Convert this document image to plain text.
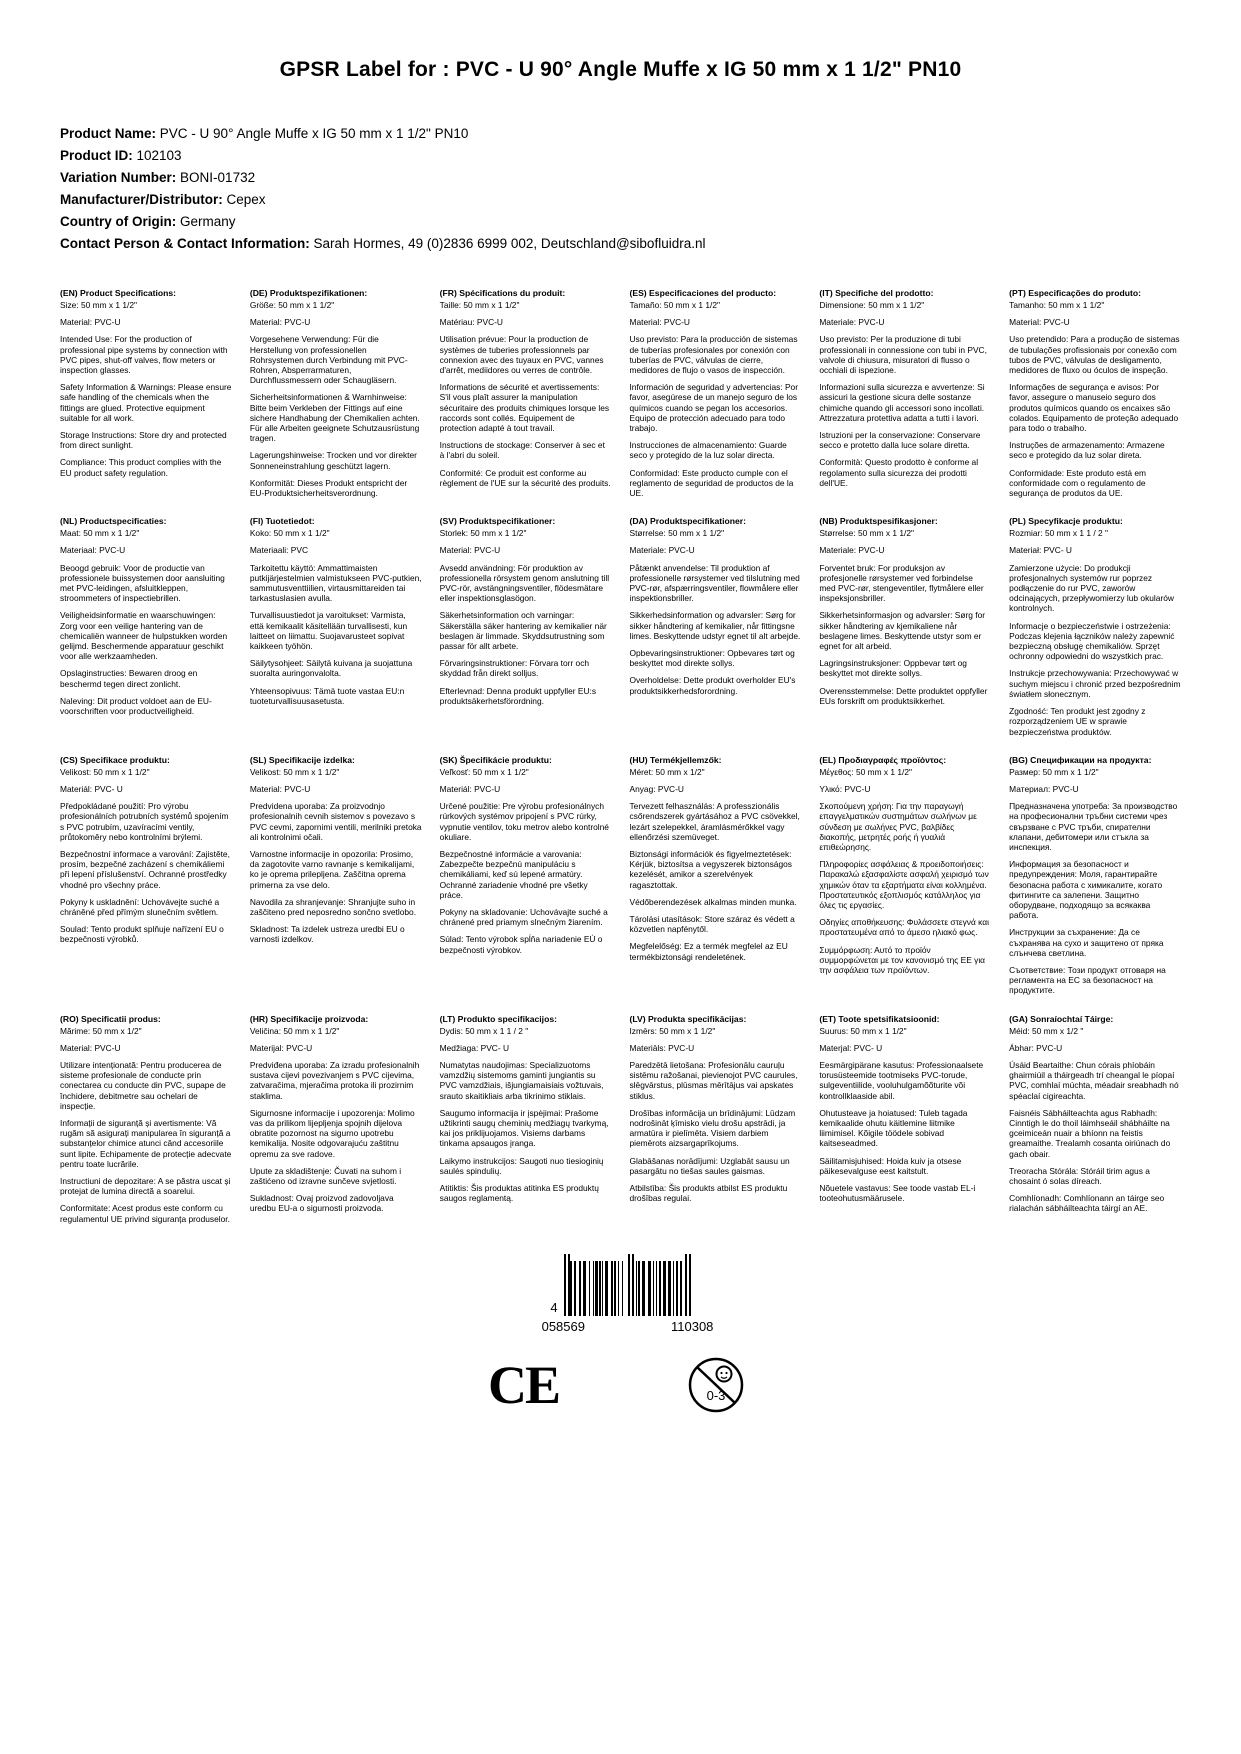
GPSR Label for : PVC - U 90° Angle Muffe x IG 50 mm x 1 1/2" PN10
Product Name: PVC - U 90° Angle Muffe x IG 50 mm x 1 1/2" PN10
Product ID: 102103
Variation Number: BONI-01732
Manufacturer/Distributor: Cepex
Country of Origin: Germany
Contact Person & Contact Information: Sarah Hormes, 49 (0)2836 6999 002, Deutschland@sibofluidra.nl
(EN) Product Specifications:

Size: 50 mm x 1 1/2"

Material: PVC-U

Intended Use: For the production of professional pipe systems by connection with PVC pipes, shut-off valves, flow meters or inspection glasses.

Safety Information & Warnings: Please ensure safe handling of the chemicals when the fittings are glued. Protective equipment suitable for all work.

Storage Instructions: Store dry and protected from direct sunlight.

Compliance: This product complies with the EU product safety regulation.

(DE) Produktspezifikationen:

Größe: 50 mm x 1 1/2"

Material: PVC-U

Vorgesehene Verwendung: Für die Herstellung von professionellen Rohrsystemen durch Verbindung mit PVC-Rohren, Absperrarmaturen, Durchflussmessern oder Schaugläsern.

Sicherheitsinformationen & Warnhinweise: Bitte beim Verkleben der Fittings auf eine sichere Handhabung der Chemikalien achten. Für alle Arbeiten geeignete Schutzausrüstung tragen.

Lagerungshinweise: Trocken und vor direkter Sonneneinstrahlung geschützt lagern.

Konformität: Dieses Produkt entspricht der EU-Produktsicherheitsverordnung.

(FR) Spécifications du produit:

Taille: 50 mm x 1 1/2"

Matériau: PVC-U

Utilisation prévue: Pour la production de systèmes de tuberies professionnels par connexion avec des tuyaux en PVC, vannes d'arrêt, mediidores ou verres de contrôle.

Informations de sécurité et avertissements: S'il vous plaît assurer la manipulation sécuritaire des produits chimiques lorsque les raccords sont collés. Equipement de protection adapté à tout travail.

Instructions de stockage: Conserver à sec et à l'abri du soleil.

Conformité: Ce produit est conforme au règlement de l'UE sur la sécurité des produits.

(ES) Especificaciones del producto:

Tamaño: 50 mm x 1 1/2"

Material: PVC-U

Uso previsto: Para la producción de sistemas de tuberías profesionales por conexión con tuberías de PVC, válvulas de cierre, medidores de flujo o vasos de inspección.

Información de seguridad y advertencias: Por favor, asegúrese de un manejo seguro de los químicos cuando se pegan los accesorios. Equipo de protección adecuado para todo trabajo.

Instrucciones de almacenamiento: Guarde seco y protegido de la luz solar directa.

Conformidad: Este producto cumple con el reglamento de seguridad de productos de la UE.

(IT) Specifiche del prodotto:

Dimensione: 50 mm x 1 1/2"

Materiale: PVC-U

Uso previsto: Per la produzione di tubi professionali in connessione con tubi in PVC, valvole di chiusura, misuratori di flusso o occhiali di ispezione.

Informazioni sulla sicurezza e avvertenze: Si assicuri la gestione sicura delle sostanze chimiche quando gli accessori sono incollati. Attrezzatura protettiva adatta a tutti i lavori.

Istruzioni per la conservazione: Conservare secco e protetto dalla luce solare diretta.

Conformità: Questo prodotto è conforme al regolamento sulla sicurezza dei prodotti dell'UE.

(PT) Especificações do produto:

Tamanho: 50 mm x 1 1/2"

Material: PVC-U

Uso pretendido: Para a produção de sistemas de tubulações profissionais por conexão com tubos de PVC, válvulas de desligamento, medidores de fluxo ou óculos de inspeção.

Informações de segurança e avisos: Por favor, assegure o manuseio seguro dos produtos químicos quando os encaixes são colados. Equipamento de proteção adequado para todo o trabalho.

Instruções de armazenamento: Armazene seco e protegido da luz solar direta.

Conformidade: Este produto está em conformidade com o regulamento de segurança de produtos da UE.

(NL) Productspecificaties:

Maat: 50 mm x 1 1/2"

Materiaal: PVC-U

Beoogd gebruik: Voor de productie van professionele buissystemen door aansluiting met PVC-leidingen, afsluitkleppen, stroommeters of inspectiebrillen.

Veiligheidsinformatie en waarschuwingen: Zorg voor een veilige hantering van de chemicaliën wanneer de hulpstukken worden gelijmd. Beschermende apparatuur geschikt voor alle werkzaamheden.

Opslaginstructies: Bewaren droog en beschermd tegen direct zonlicht.

Naleving: Dit product voldoet aan de EU-voorschriften voor productveiligheid.

(FI) Tuotetiedot:

Koko: 50 mm x 1 1/2"

Materiaali: PVC

Tarkoitettu käyttö: Ammattimaisten putkijärjestelmien valmistukseen PVC-putkien, sammutusventtiilien, virtausmittareiden tai tarkastuslasien avulla.

Turvallisuustiedot ja varoitukset: Varmista, että kemikaalit käsitellään turvallisesti, kun laitteet on liimattu. Suojavarusteet sopivat kaikkeen työhön.

Säilytysohjeet: Säilytä kuivana ja suojattuna suoralta auringonvalolta.

Yhteensopivuus: Tämä tuote vastaa EU:n tuoteturvallisuusasetusta.

(SV) Produktspecifikationer:

Storlek: 50 mm x 1 1/2"

Material: PVC-U

Avsedd användning: För produktion av professionella rörsystem genom anslutning till PVC-rör, avstängningsventiler, flödesmätare eller inspektionsglasögon.

Säkerhetsinformation och varningar: Säkerställa säker hantering av kemikalier när beslagen är limmade. Skyddsutrustning som passar för allt arbete.

Förvaringsinstruktioner: Förvara torr och skyddad från direkt solljus.

Efterlevnad: Denna produkt uppfyller EU:s produktsäkerhetsförordning.

(DA) Produktspecifikationer:

Størrelse: 50 mm x 1 1/2"

Materiale: PVC-U

Påtænkt anvendelse: Til produktion af professionelle rørsystemer ved tilslutning med PVC-rør, afspærringsventiler, flowmålere eller inspektionsbriller.

Sikkerhedsinformation og advarsler: Sørg for sikker håndtering af kemikalier, når fittingsne limes. Beskyttende udstyr egnet til alt arbejde.

Opbevaringsinstruktioner: Opbevares tørt og beskyttet mod direkte sollys.

Overholdelse: Dette produkt overholder EU's produktsikkerhedsforordning.

(NB) Produktspesifikasjoner:

Størrelse: 50 mm x 1 1/2"

Materiale: PVC-U

Forventet bruk: For produksjon av profesjonelle rørsystemer ved forbindelse med PVC-rør, stengeventiler, flytmålere eller inspeksjonsbriller.

Sikkerhetsinformasjon og advarsler: Sørg for sikker håndtering av kjemikaliene når beslagene limes. Beskyttende utstyr som er egnet for alt arbeid.

Lagringsinstruksjoner: Oppbevar tørt og beskyttet mot direkte sollys.

Overensstemmelse: Dette produktet oppfyller EUs forskrift om produktsikkerhet.

(PL) Specyfikacje produktu:

Rozmiar: 50 mm x 1 1 / 2 "

Materiał: PVC- U

Zamierzone użycie: Do produkcji profesjonalnych systemów rur poprzez podłączenie do rur PVC, zaworów odcinających, przepływomierzy lub okularów kontrolnych.

Informacje o bezpieczeństwie i ostrzeżenia: Podczas klejenia łączników należy zapewnić bezpieczną obsługę chemikaliów. Sprzęt ochronny odpowiedni do wszystkich prac.

Instrukcje przechowywania: Przechowywać w suchym miejscu i chronić przed bezpośrednim światłem słonecznym.

Zgodność: Ten produkt jest zgodny z rozporządzeniem UE w sprawie bezpieczeństwa produktów.

(CS) Specifikace produktu:

Velikost: 50 mm x 1 1/2"

Materiál: PVC- U

Předpokládané použití: Pro výrobu profesionálních potrubních systémů spojením s PVC potrubím, uzavíracími ventily, průtokoměry nebo kontrolními brýlemi.

Bezpečnostní informace a varování: Zajistěte, prosím, bezpečné zacházení s chemikáliemi při lepení příslušenství. Ochranné prostředky vhodné pro všechny práce.

Pokyny k uskladnění: Uchovávejte suché a chráněné před přímým slunečním světlem.

Soulad: Tento produkt splňuje nařízení EU o bezpečnosti výrobků.

(SL) Specifikacije izdelka:

Velikost: 50 mm x 1 1/2"

Material: PVC-U

Predvidena uporaba: Za proizvodnjo profesionalnih cevnih sistemov s povezavo s PVC cevmi, zapornimi ventili, merilniki pretoka ali kontrolnimi očali.

Varnostne informacije in opozorila: Prosimo, da zagotovite varno ravnanje s kemikalijami, ko je oprema prilepljena. Zaščitna oprema primerna za vse delo.

Navodila za shranjevanje: Shranjujte suho in zaščiteno pred neposredno sončno svetlobo.

Skladnost: Ta izdelek ustreza uredbi EU o varnosti izdelkov.

(SK) Špecifikácie produktu:

Veľkosť: 50 mm x 1 1/2"

Materiál: PVC-U

Určené použitie: Pre výrobu profesionálnych rúrkových systémov pripojení s PVC rúrky, vypnutie ventilov, toku metrov alebo kontrolné okuliare.

Bezpečnostné informácie a varovania: Zabezpečte bezpečnú manipuláciu s chemikáliami, keď sú lepené armatúry. Ochranné zariadenie vhodné pre všetky práce.

Pokyny na skladovanie: Uchovávajte suché a chránené pred priamym slnečným žiarením.

Súlad: Tento výrobok spĺňa nariadenie EÚ o bezpečnosti výrobkov.

(HU) Termékjellemzők:

Méret: 50 mm x 1/2"

Anyag: PVC-U

Tervezett felhasználás: A professzionális csőrendszerek gyártásához a PVC csövekkel, lezárt szelepekkel, áramlásmérőkkel vagy ellenőrzési szemüveget.

Biztonsági információk és figyelmeztetések: Kérjük, biztosítsa a vegyszerek biztonságos kezelését, amikor a szerelvények ragasztottak.

Védőberendezések alkalmas minden munka.

Tárolási utasítások: Store száraz és védett a közvetlen napfénytől.

Megfelelőség: Ez a termék megfelel az EU termékbiztonsági rendeletének.

(EL) Προδιαγραφές προϊόντος:

Μέγεθος: 50 mm x 1 1/2"

Υλικό: PVC-U

Σκοπούμενη χρήση: Για την παραγωγή επαγγελματικών συστημάτων σωλήνων με σύνδεση με σωλήνες PVC, βαλβίδες διακοπής, μετρητές ροής ή γυαλιά επιθεώρησης.

Πληροφορίες ασφάλειας & προειδοποιήσεις: Παρακαλώ εξασφαλίστε ασφαλή χειρισμό των χημικών όταν τα εξαρτήματα είναι κολλημένα. Προστατευτικός εξοπλισμός κατάλληλος για όλες τις εργασίες.

Οδηγίες αποθήκευσης: Φυλάσσετε στεγνά και προστατευμένα από το άμεσο ηλιακό φως.

Συμμόρφωση: Αυτό το προϊόν συμμορφώνεται με τον κανονισμό της ΕΕ για την ασφάλεια των προϊόντων.

(BG) Спецификации на продукта:

Размер: 50 mm x 1 1/2"

Материал: PVC-U

Предназначена употреба: За производство на професионални тръбни системи чрез свързване с PVC тръби, спирателни клапани, дебитомери или стъкла за инспекция.

Информация за безопасност и предупреждения: Моля, гарантирайте безопасна работа с химикалите, когато фитингите са залепени. Защитно оборудване, подходящо за всякаква работа.

Инструкции за съхранение: Да се съхранява на сухо и защитено от пряка слънчева светлина.

Съответствие: Този продукт отговаря на регламента на ЕС за безопасност на продуктите.

(RO) Specificatii produs:

Mărime: 50 mm x 1/2"

Material: PVC-U

Utilizare intenționată: Pentru producerea de sisteme profesionale de conducte prin conectarea cu conducte din PVC, supape de închidere, debitmetre sau ochelari de inspecție.

Informații de siguranță și avertismente: Vă rugăm să asigurați manipularea în siguranță a substanțelor chimice atunci când accesoriile sunt lipite. Echipamente de protecție adecvate pentru toate lucrările.

Instructiuni de depozitare: A se păstra uscat și protejat de lumina directă a soarelui.

Conformitate: Acest produs este conform cu regulamentul UE privind siguranța produselor.

(HR) Specifikacije proizvoda:

Veličina: 50 mm x 1 1/2"

Materijal: PVC-U

Predviđena uporaba: Za izradu profesionalnih sustava cijevi povezivanjem s PVC cijevima, zatvaračima, mjeračima protoka ili prozirnim staklima.

Sigurnosne informacije i upozorenja: Molimo vas da prilikom lijepljenja spojnih dijelova obratite pozornost na sigurno upotrebu kemikalija. Nosite odgovarajuću zaštitnu opremu za sve radove.

Upute za skladištenje: Čuvati na suhom i zaštićeno od izravne sunčeve svjetlosti.

Sukladnost: Ovaj proizvod zadovoljava uredbu EU-a o sigurnosti proizvoda.

(LT) Produkto specifikacijos:

Dydis: 50 mm x 1 1 / 2 "

Medžiaga: PVC- U

Numatytas naudojimas: Specializuotoms vamzdžių sistemoms gaminti jungiantis su PVC vamzdžiais, išjungiamaisiais vožtuvais, srauto skaitikliais arba tikrinimo stiklais.

Saugumo informacija ir įspėjimai: Prašome užtikrinti saugų cheminių medžiagų tvarkymą, kai jos priklijuojamos. Visiems darbams tinkama apsaugos įranga.

Laikymo instrukcijos: Saugoti nuo tiesioginių saulės spindulių.

Atitiktis: Šis produktas atitinka ES produktų saugos reglamentą.

(LV) Produkta specifikācijas:

Izmērs: 50 mm x 1 1/2"

Materiāls: PVC-U

Paredzētā lietošana: Profesionālu cauruļu sistēmu ražošanai, pievienojot PVC caurules, slēgvārstus, plūsmas mērītājus vai apskates stiklus.

Drošības informācija un brīdinājumi: Lūdzam nodrošināt ķīmisko vielu drošu apstrādi, ja armatūra ir pielīmēta. Visiem darbiem piemērots aizsargaprīkojums.

Glabāšanas norādījumi: Uzglabāt sausu un pasargātu no tiešas saules gaismas.

Atbilstība: Šis produkts atbilst ES produktu drošības regulai.

(ET) Toote spetsifikatsioonid:

Suurus: 50 mm x 1 1/2"

Materjal: PVC- U

Eesmärgipärane kasutus: Professionaalsete torusüsteemide tootmiseks PVC-torude, sulgeventiilide, vooluhulgamõõturite või kontrollklaaside abil.

Ohutusteave ja hoiatused: Tuleb tagada kemikaalide ohutu käitlemine liitmike liimimisel. Kõigile töödele sobivad kaitseseadmed.

Säilitamisjuhised: Hoida kuiv ja otsese päikesevalguse eest kaitstult.

Nõuetele vastavus: See toode vastab EL-i tooteohutusmäärusele.

(GA) Sonraíochtaí Táirge:

Méid: 50 mm x 1/2 "

Ábhar: PVC-U

Úsáid Beartaithe: Chun córais phíobáin ghairmiúil a tháirgeadh trí cheangal le píopaí PVC, comhlaí múchta, méadair sreabhadh nó spéaclaí cigireachta.

Faisnéis Sábháilteachta agus Rabhadh: Cinntigh le do thoil láimhseáil shábháilte na gceimiceán nuair a bhíonn na feistis greamaithe. Trealamh cosanta oiriúnach do gach obair.

Treoracha Stórála: Stóráil tirim agus a chosaint ó solas díreach.

Comhlíonadh: Comhlíonann an táirge seo rialachán sábháilteachta táirgí an AE.

4
058569	110308
CE	0-3
